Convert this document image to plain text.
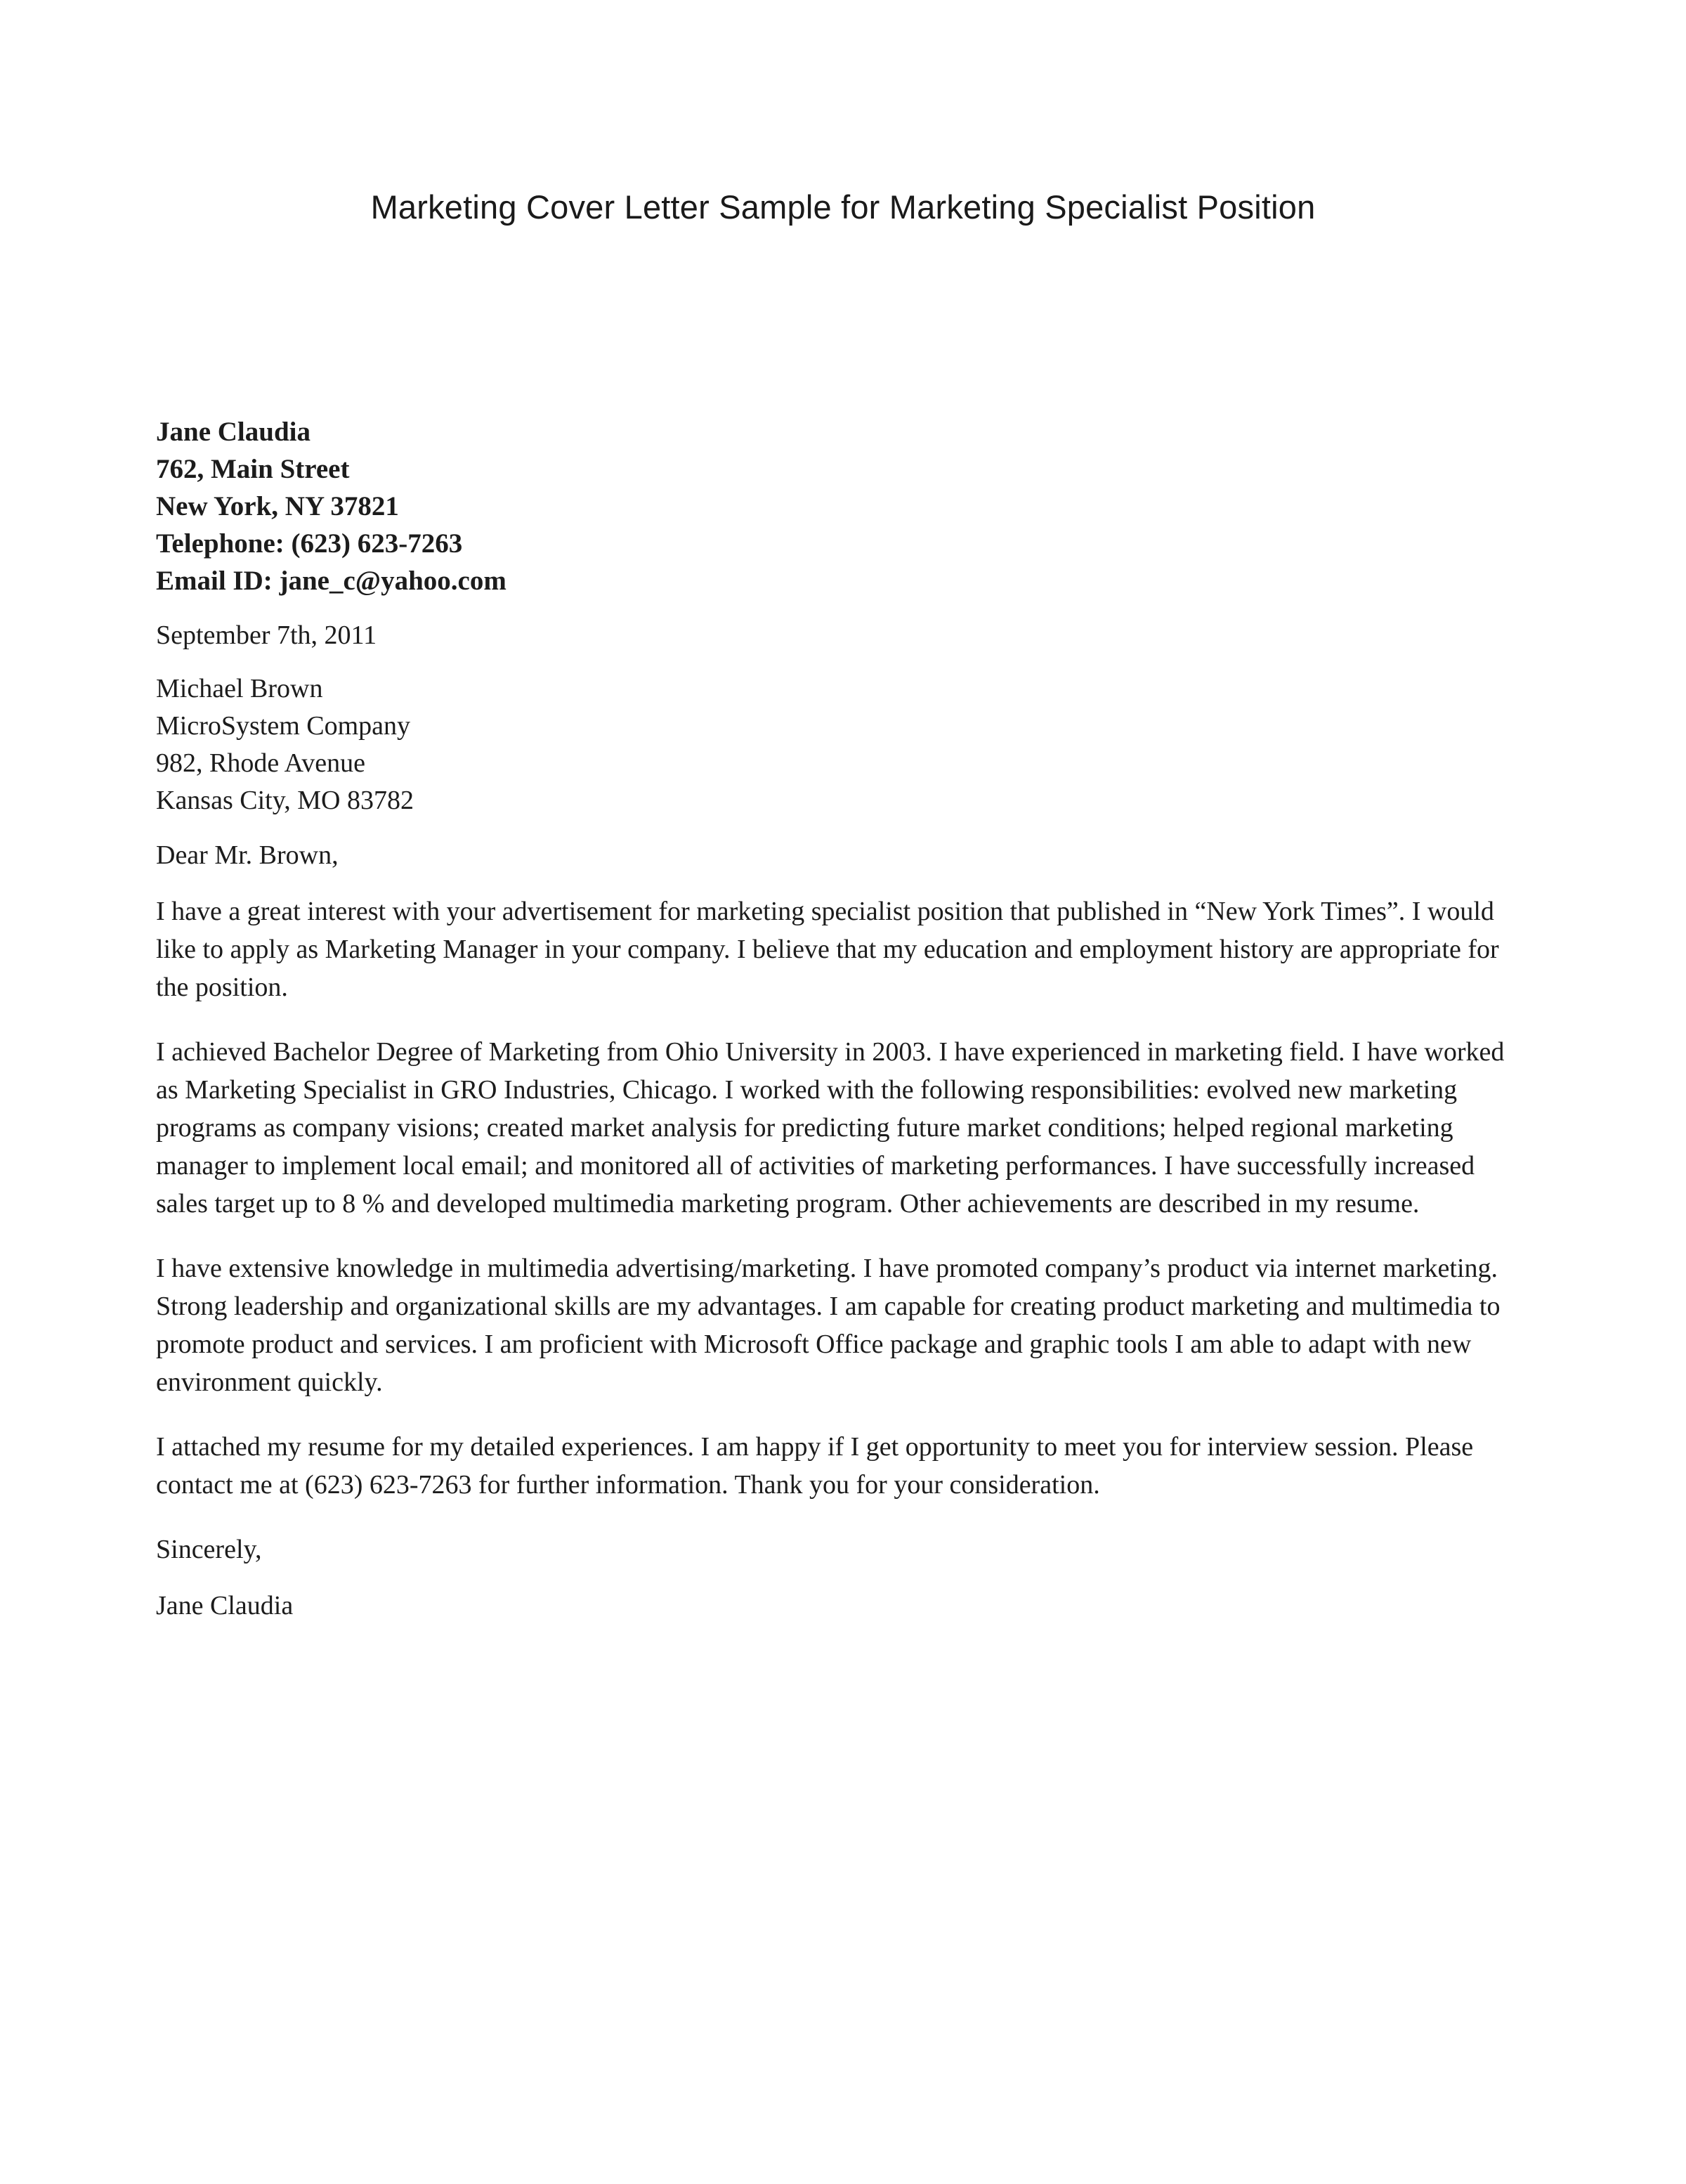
Marketing Cover Letter Sample for Marketing Specialist Position
Jane Claudia
762, Main Street
New York, NY 37821
Telephone: (623) 623-7263
Email ID: jane_c@yahoo.com
September 7th, 2011
Michael Brown
MicroSystem Company
982, Rhode Avenue
Kansas City, MO 83782
Dear Mr. Brown,

I have a great interest with your advertisement for marketing specialist position that published in “New York Times”. I would like to apply as Marketing Manager in your company. I believe that my education and employment history are appropriate for the position.

I achieved Bachelor Degree of Marketing from Ohio University in 2003. I have experienced in marketing field. I have worked as Marketing Specialist in GRO Industries, Chicago. I worked with the following responsibilities: evolved new marketing programs as company visions; created market analysis for predicting future market conditions; helped regional marketing manager to implement local email; and monitored all of activities of marketing performances. I have successfully increased sales target up to 8 % and developed multimedia marketing program. Other achievements are described in my resume.

I have extensive knowledge in multimedia advertising/marketing. I have promoted company’s product via internet marketing. Strong leadership and organizational skills are my advantages. I am capable for creating product marketing and multimedia to promote product and services. I am proficient with Microsoft Office package and graphic tools I am able to adapt with new environment quickly.

I attached my resume for my detailed experiences. I am happy if I get opportunity to meet you for interview session. Please contact me at (623) 623-7263 for further information. Thank you for your consideration.

Sincerely,
Jane Claudia
